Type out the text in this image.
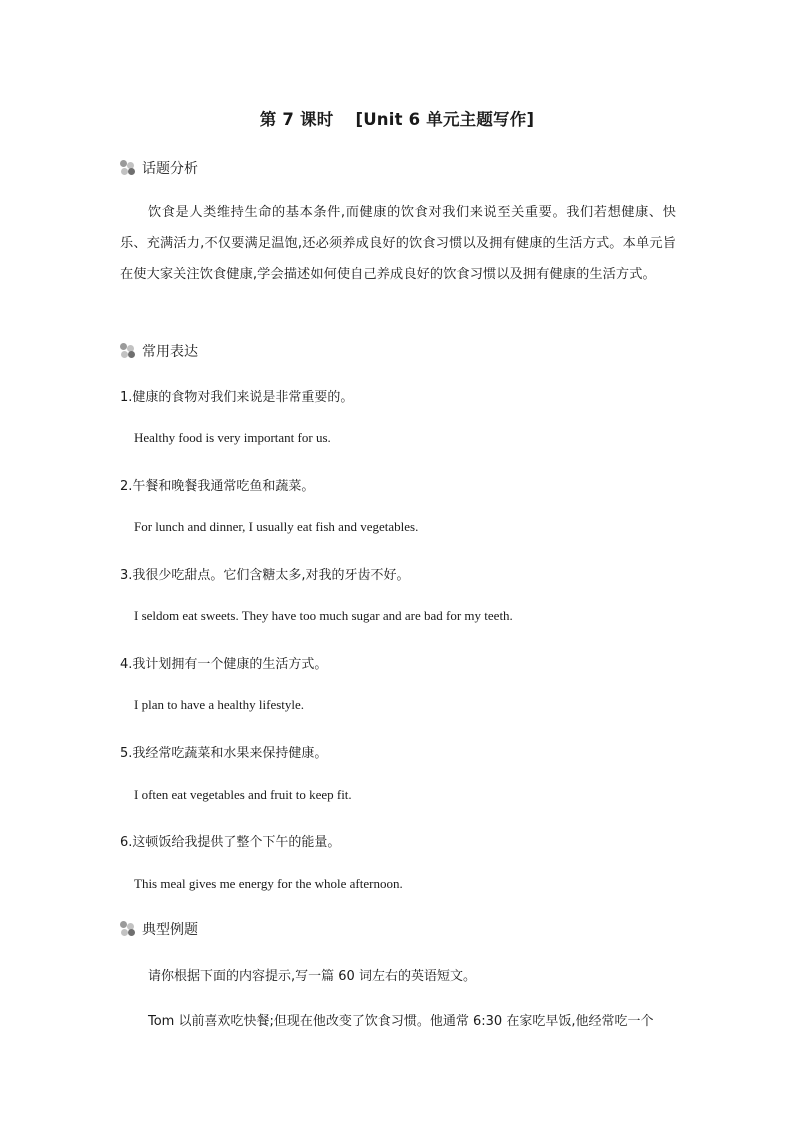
第 7 课时 [Unit 6 单元主题写作]
话题分析
饮食是人类维持生命的基本条件,而健康的饮食对我们来说至关重要。我们若想健康、快乐、充满活力,不仅要满足温饱,还必须养成良好的饮食习惯以及拥有健康的生活方式。本单元旨在使大家关注饮食健康,学会描述如何使自己养成良好的饮食习惯以及拥有健康的生活方式。
常用表达
1.健康的食物对我们来说是非常重要的。
Healthy food is very important for us.
2.午餐和晚餐我通常吃鱼和蔬菜。
For lunch and dinner, I usually eat fish and vegetables.
3.我很少吃甜点。它们含糖太多,对我的牙齿不好。
I seldom eat sweets. They have too much sugar and are bad for my teeth.
4.我计划拥有一个健康的生活方式。
I plan to have a healthy lifestyle.
5.我经常吃蔬菜和水果来保持健康。
I often eat vegetables and fruit to keep fit.
6.这顿饭给我提供了整个下午的能量。
This meal gives me energy for the whole afternoon.
典型例题
请你根据下面的内容提示,写一篇 60 词左右的英语短文。
Tom 以前喜欢吃快餐;但现在他改变了饮食习惯。他通常 6:30 在家吃早饭,他经常吃一个
